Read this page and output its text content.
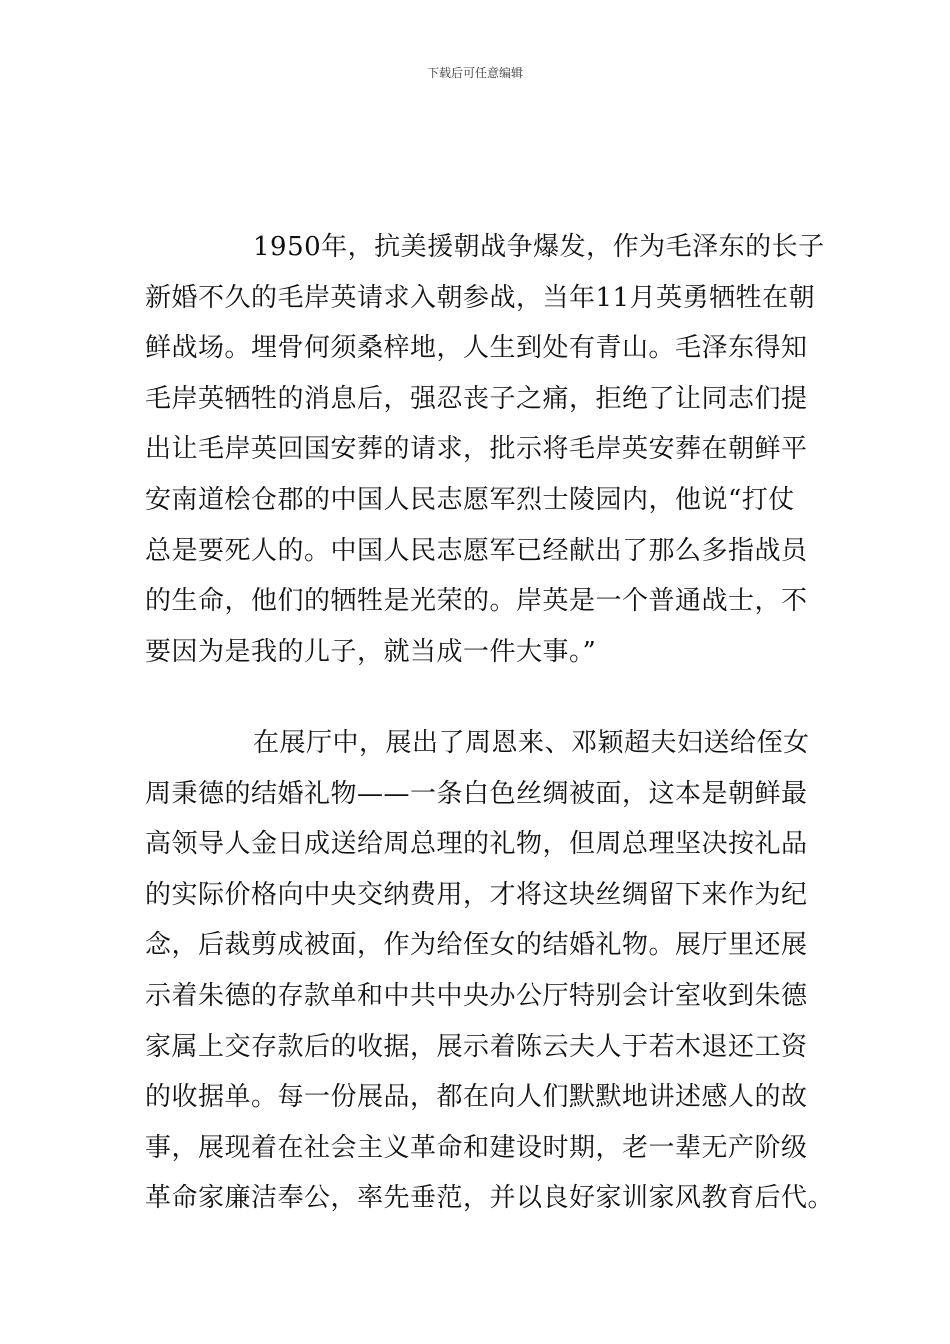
下载后可任意编辑

1950年，抗美援朝战争爆发，作为毛泽东的长子
新婚不久的毛岸英请求入朝参战，当年11月英勇牺牲在朝
鲜战场。埋骨何须桑梓地，人生到处有青山。毛泽东得知
毛岸英牺牲的消息后，强忍丧子之痛，拒绝了让同志们提
出让毛岸英回国安葬的请求，批示将毛岸英安葬在朝鲜平
安南道桧仓郡的中国人民志愿军烈士陵园内，他说“打仗
总是要死人的。中国人民志愿军已经献出了那么多指战员
的生命，他们的牺牲是光荣的。岸英是一个普通战士，不
要因为是我的儿子，就当成一件大事。”

在展厅中，展出了周恩来、邓颖超夫妇送给侄女
周秉德的结婚礼物——一条白色丝绸被面，这本是朝鲜最
高领导人金日成送给周总理的礼物，但周总理坚决按礼品
的实际价格向中央交纳费用，才将这块丝绸留下来作为纪
念，后裁剪成被面，作为给侄女的结婚礼物。展厅里还展
示着朱德的存款单和中共中央办公厅特别会计室收到朱德
家属上交存款后的收据，展示着陈云夫人于若木退还工资
的收据单。每一份展品，都在向人们默默地讲述感人的故
事，展现着在社会主义革命和建设时期，老一辈无产阶级
革命家廉洁奉公，率先垂范，并以良好家训家风教育后代。
